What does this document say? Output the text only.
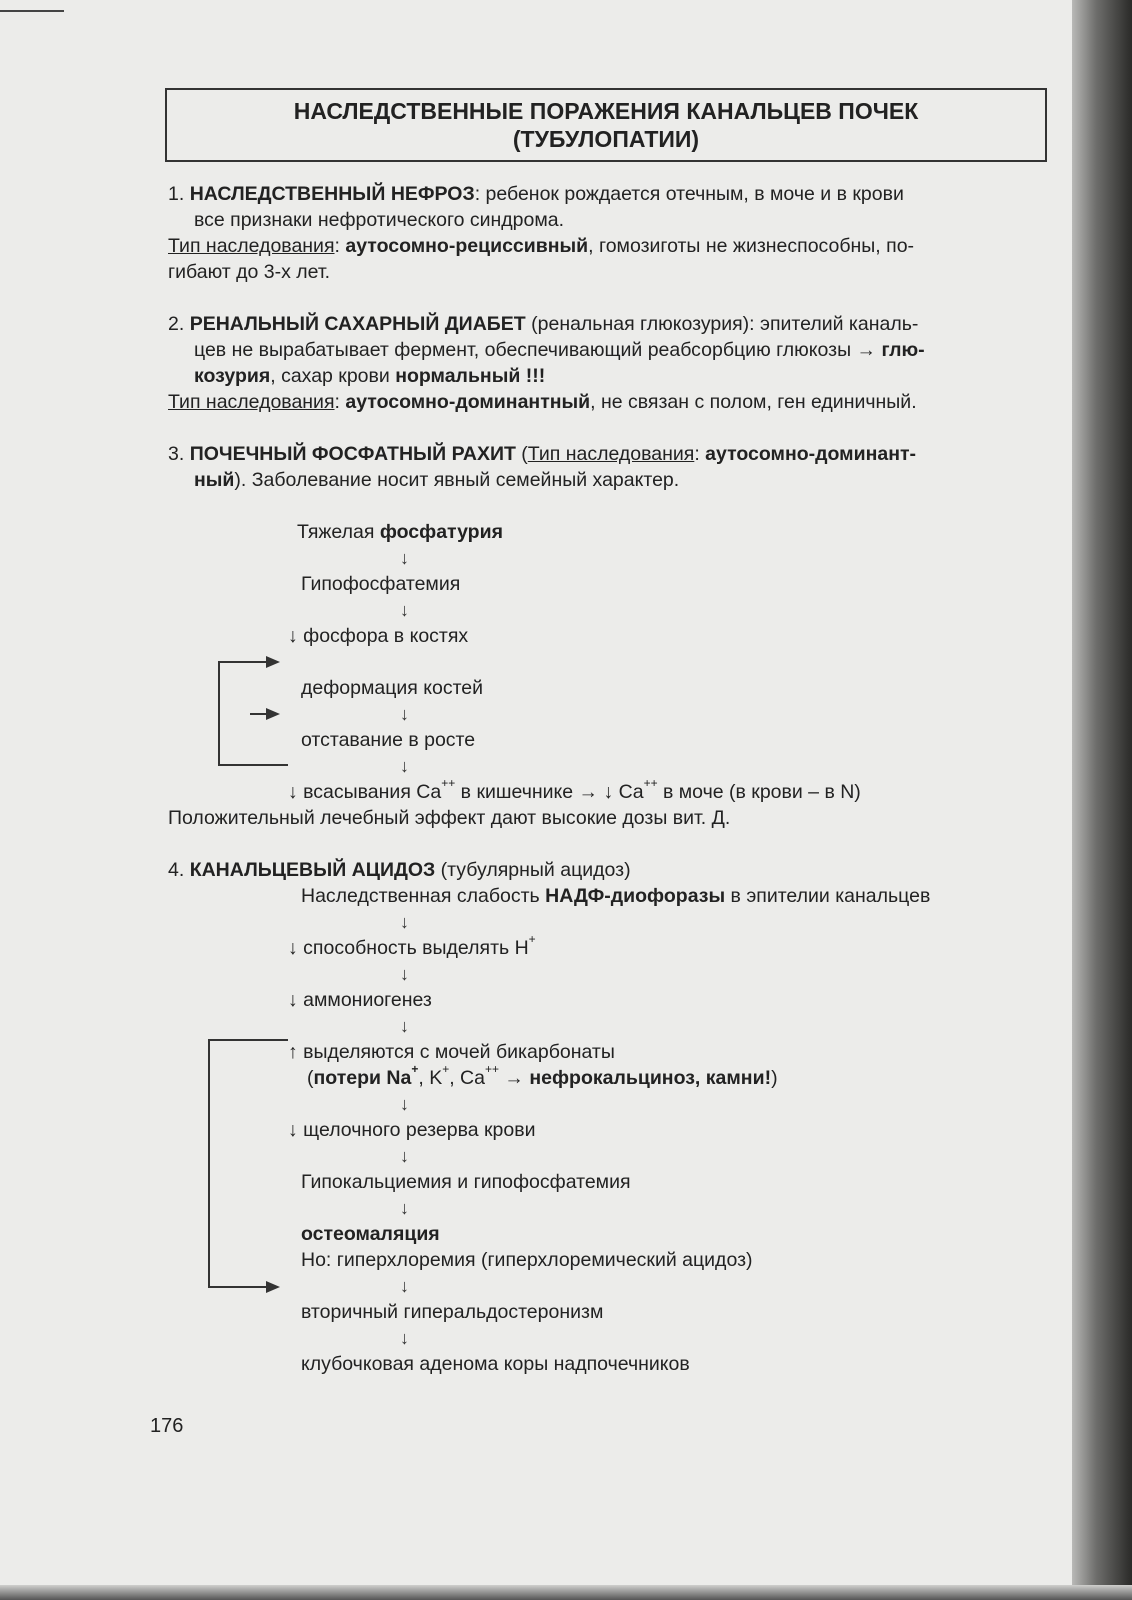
НАСЛЕДСТВЕННЫЕ ПОРАЖЕНИЯ КАНАЛЬЦЕВ ПОЧЕК
(ТУБУЛОПАТИИ)
1. НАСЛЕДСТВЕННЫЙ НЕФРОЗ: ребенок рождается отечным, в моче и в крови
все признаки нефротического синдрома.
Тип наследования: аутосомно-рециссивный, гомозиготы не жизнеспособны, по-
гибают до 3-х лет.
2. РЕНАЛЬНЫЙ САХАРНЫЙ ДИАБЕТ (ренальная глюкозурия): эпителий каналь-
цев не вырабатывает фермент, обеспечивающий реабсорбцию глюкозы → глю-
козурия, сахар крови нормальный !!!
Тип наследования: аутосомно-доминантный, не связан с полом, ген единичный.
3. ПОЧЕЧНЫЙ ФОСФАТНЫЙ РАХИТ (Тип наследования: аутосомно-доминант-
ный). Заболевание носит явный семейный характер.
Тяжелая фосфатурия
↓
Гипофосфатемия
↓
↓ фосфора в костях
деформация костей
↓
отставание в росте
↓
↓ всасывания Ca++ в кишечнике → ↓ Ca++ в моче (в крови – в N)
Положительный лечебный эффект дают высокие дозы вит. Д.
4. КАНАЛЬЦЕВЫЙ АЦИДОЗ (тубулярный ацидоз)
Наследственная слабость НАДФ-диофоразы в эпителии канальцев
↓
↓ способность выделять H+
↓
↓ аммониогенез
↓
↑ выделяются с мочей бикарбонаты
(потери Na+, K+, Ca++ → нефрокальциноз, камни!)
↓
↓ щелочного резерва крови
↓
Гипокальциемия и гипофосфатемия
↓
остеомаляция
Но: гиперхлоремия (гиперхлоремический ацидоз)
↓
вторичный гиперальдостеронизм
↓
клубочковая аденома коры надпочечников
176
